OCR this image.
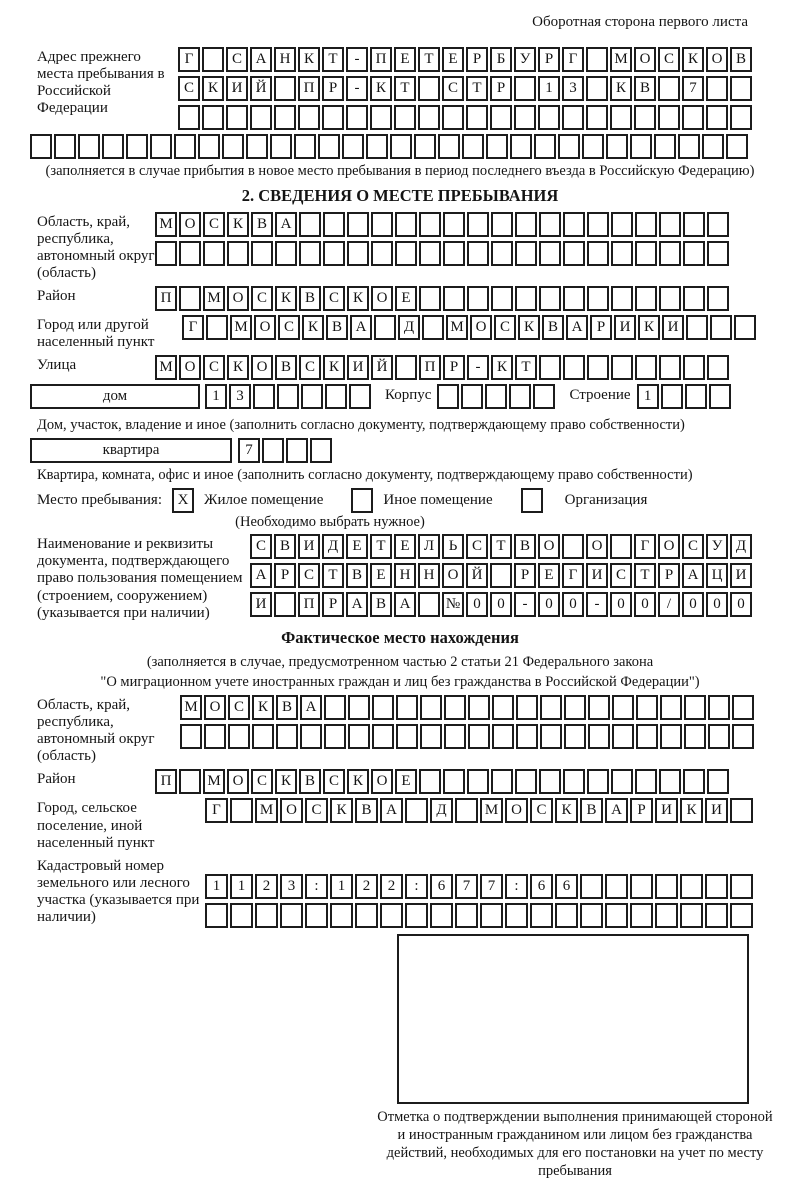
Оборотная сторона первого листа
Адрес прежнего места пребывания в Российской Федерации
Г	С А Н К Т	-	П Е Т Е	Р	Б У Р	Г	М О С К О В
С К И Й	П Р	-	К Т	С Т	Р	1	3	К В	7
(заполняется в случае прибытия в новое место пребывания в период последнего въезда в Российскую Федерацию)
2. СВЕДЕНИЯ О МЕСТЕ ПРЕБЫВАНИЯ
Область, край, республика, автономный округ (область)
М О С К В А
Район	П	М О С К В С К О Е
Город или другой населенный пункт
Г	М О С К В А	Д	М О С К В А Р И К И
Улица	М О С К О В С К И Й	П Р	-	К Т
дом	1	3	Корпус	Строение 1
Дом, участок, владение и иное (заполнить согласно документу, подтверждающему право собственности)
квартира	7
Квартира, комната, офис и иное (заполнить согласно документу, подтверждающему право собственности)
Место пребывания:	X	Жилое помещение	Иное помещение	Организация
(Необходимо выбрать нужное)
Наименование и реквизиты документа, подтверждающего право пользования помещением (строением, сооружением) (указывается при наличии)
С В И Д Е Т Е Л Ь С Т В О	О	Г О С У Д
А Р С Т В Е Н Н О Й	Р	Е	Г И С Т	Р А Ц И
И	П Р А В А	№ 0	0	-	0	0	-	0	0	/	0	0	0
Фактическое место нахождения
(заполняется в случае, предусмотренном частью 2 статьи 21 Федерального закона
"О миграционном учете иностранных граждан и лиц без гражданства в Российской Федерации")
Область, край, республика, автономный округ (область)
М О С К В А
Район	П	М О С К В С К О Е
Город, сельское поселение, иной населенный пункт
Г	М О С К В А	Д	М О С К В А	Р	И К И
Кадастровый номер земельного или лесного участка (указывается при наличии)
1	1	2	3	:	1	2	2	:	6	7	7	:	6	6
Отметка о подтверждении выполнения принимающей стороной и иностранным гражданином или лицом без гражданства действий, необходимых для его постановки на учет по месту пребывания
